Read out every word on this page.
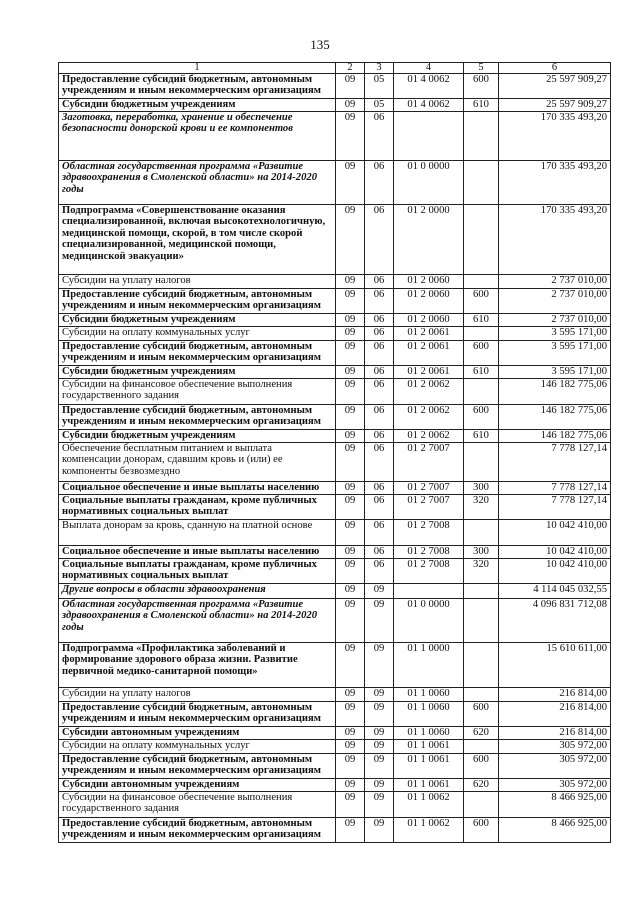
135
1	2	3	4	5	6
Предоставление субсидий бюджетным, автономным учреждениям и иным некоммерческим организациям	09	05	01 4 0062	600	25 597 909,27
Субсидии бюджетным учреждениям	09	05	01 4 0062	610	25 597 909,27
Заготовка, переработка, хранение и обеспечение безопасности донорской крови и ее компонентов	09	06			170 335 493,20
Областная государственная программа «Развитие здравоохранения в Смоленской области» на 2014-2020 годы	09	06	01 0 0000		170 335 493,20
Подпрограмма «Совершенствование оказания специализированной, включая высокотехнологичную, медицинской помощи, скорой, в том числе скорой специализированной, медицинской помощи, медицинской эвакуации»	09	06	01 2 0000		170 335 493,20
Субсидии на уплату налогов	09	06	01 2 0060		2 737 010,00
Предоставление субсидий бюджетным, автономным учреждениям и иным некоммерческим организациям	09	06	01 2 0060	600	2 737 010,00
Субсидии бюджетным учреждениям	09	06	01 2 0060	610	2 737 010,00
Субсидии на оплату коммунальных услуг	09	06	01 2 0061		3 595 171,00
Предоставление субсидий бюджетным, автономным учреждениям и иным некоммерческим организациям	09	06	01 2 0061	600	3 595 171,00
Субсидии бюджетным учреждениям	09	06	01 2 0061	610	3 595 171,00
Субсидии на финансовое обеспечение выполнения государственного задания	09	06	01 2 0062		146 182 775,06
Предоставление субсидий бюджетным, автономным учреждениям и иным некоммерческим организациям	09	06	01 2 0062	600	146 182 775,06
Субсидии бюджетным учреждениям	09	06	01 2 0062	610	146 182 775,06
Обеспечение бесплатным питанием и выплата компенсации донорам, сдавшим кровь и (или) ее компоненты безвозмездно	09	06	01 2 7007		7 778 127,14
Социальное обеспечение и иные выплаты населению	09	06	01 2 7007	300	7 778 127,14
Социальные выплаты гражданам, кроме публичных нормативных социальных выплат	09	06	01 2 7007	320	7 778 127,14
Выплата донорам за кровь, сданную на платной основе	09	06	01 2 7008		10 042 410,00
Социальное обеспечение и иные выплаты населению	09	06	01 2 7008	300	10 042 410,00
Социальные выплаты гражданам, кроме публичных нормативных социальных выплат	09	06	01 2 7008	320	10 042 410,00
Другие вопросы в области здравоохранения	09	09			4 114 045 032,55
Областная государственная программа «Развитие здравоохранения в Смоленской области» на 2014-2020 годы	09	09	01 0 0000		4 096 831 712,08
Подпрограмма «Профилактика заболеваний и формирование здорового образа жизни. Развитие первичной медико-санитарной помощи»	09	09	01 1 0000		15 610 611,00
Субсидии на уплату налогов	09	09	01 1 0060		216 814,00
Предоставление субсидий бюджетным, автономным учреждениям и иным некоммерческим организациям	09	09	01 1 0060	600	216 814,00
Субсидии автономным учреждениям	09	09	01 1 0060	620	216 814,00
Субсидии на оплату коммунальных услуг	09	09	01 1 0061		305 972,00
Предоставление субсидий бюджетным, автономным учреждениям и иным некоммерческим организациям	09	09	01 1 0061	600	305 972,00
Субсидии автономным учреждениям	09	09	01 1 0061	620	305 972,00
Субсидии на финансовое обеспечение выполнения государственного задания	09	09	01 1 0062		8 466 925,00
Предоставление субсидий бюджетным, автономным учреждениям и иным некоммерческим организациям	09	09	01 1 0062	600	8 466 925,00
